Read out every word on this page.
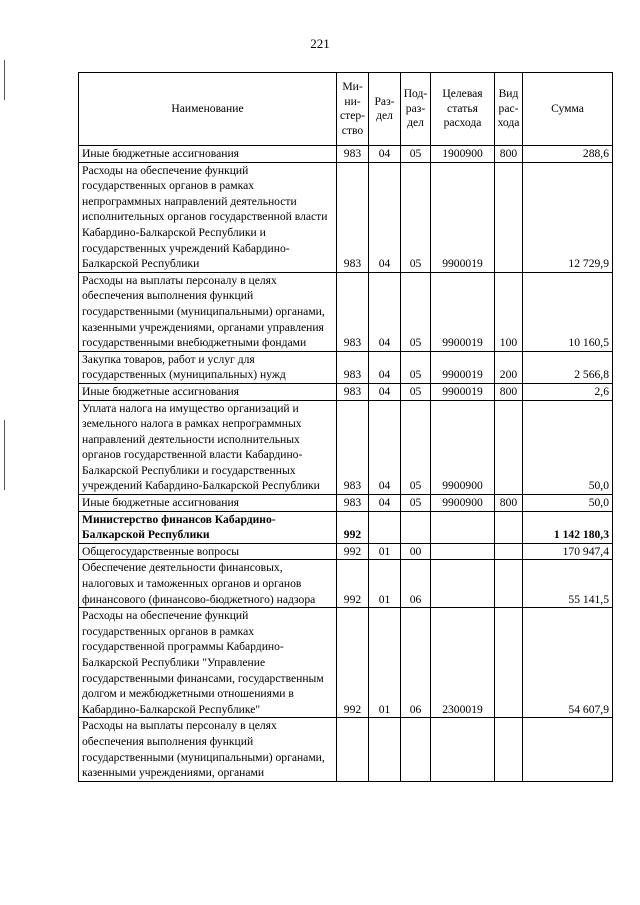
221
Наименование	Ми-ни-стер-ство	Раз-дел	Под-раз-дел	Целевая статья расхода	Вид рас-хода	Сумма
Иные бюджетные ассигнования	983	04	05	1900900	800	288,6
Расходы на обеспечение функций государственных органов в рамках непрограммных направлений деятельности исполнительных органов государственной власти Кабардино-Балкарской Республики и государственных учреждений Кабардино-Балкарской Республики	983	04	05	9900019		12 729,9
Расходы на выплаты персоналу в целях обеспечения выполнения функций государственными (муниципальными) органами, казенными учреждениями, органами управления государственными внебюджетными фондами	983	04	05	9900019	100	10 160,5
Закупка товаров, работ и услуг для государственных (муниципальных) нужд	983	04	05	9900019	200	2 566,8
Иные бюджетные ассигнования	983	04	05	9900019	800	2,6
Уплата налога на имущество организаций и земельного налога в рамках непрограммных направлений деятельности исполнительных органов государственной власти Кабардино-Балкарской Республики и государственных учреждений Кабардино-Балкарской Республики	983	04	05	9900900		50,0
Иные бюджетные ассигнования	983	04	05	9900900	800	50,0
Министерство финансов Кабардино-Балкарской Республики	992					1 142 180,3
Общегосударственные вопросы	992	01	00			170 947,4
Обеспечение деятельности финансовых, налоговых и таможенных органов и органов финансового (финансово-бюджетного) надзора	992	01	06			55 141,5
Расходы на обеспечение функций государственных органов в рамках государственной программы Кабардино-Балкарской Республики "Управление государственными финансами, государственным долгом и межбюджетными отношениями в Кабардино-Балкарской Республике"	992	01	06	2300019		54 607,9
Расходы на выплаты персоналу в целях обеспечения выполнения функций государственными (муниципальными) органами, казенными учреждениями, органами						
